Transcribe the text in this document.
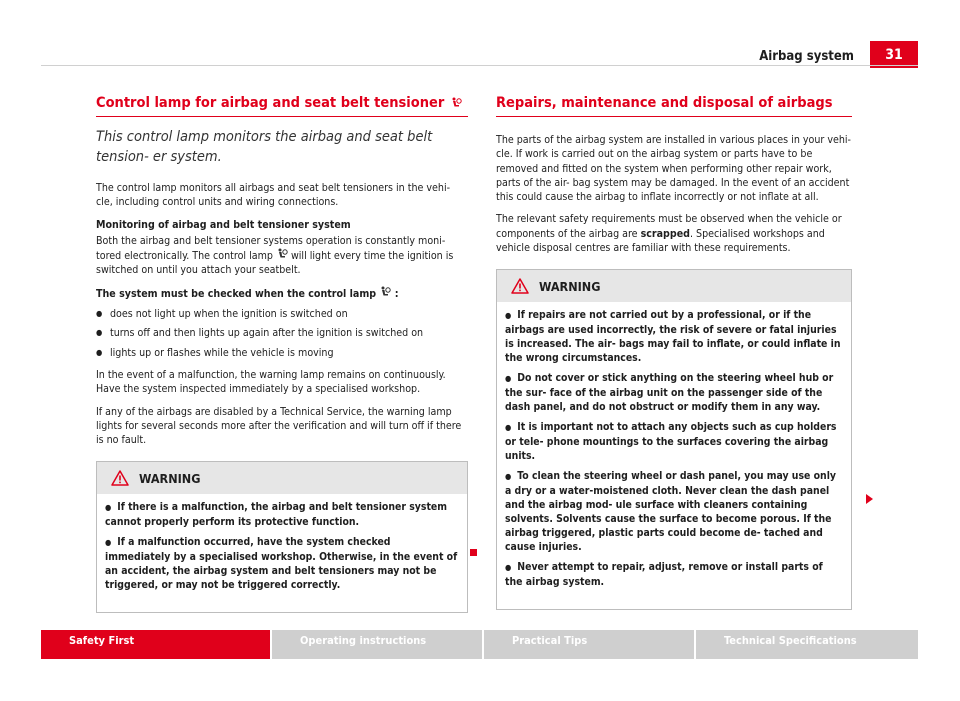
31
Airbag system
Control lamp for airbag and seat belt tensioner
This control lamp monitors the airbag and seat belt tension- er system.

The control lamp monitors all airbags and seat belt tensioners in the vehi- cle, including control units and wiring connections.

Monitoring of airbag and belt tensioner system

Both the airbag and belt tensioner systems operation is constantly moni- tored electronically. The control lamp will light every time the ignition is switched on until you attach your seatbelt.

The system must be checked when the control lamp :
● does not light up when the ignition is switched on
● turns off and then lights up again after the ignition is switched on
● lights up or flashes while the vehicle is moving

In the event of a malfunction, the warning lamp remains on continuously. Have the system inspected immediately by a specialised workshop.

If any of the airbags are disabled by a Technical Service, the warning lamp lights for several seconds more after the verification and will turn off if there is no fault.

WARNING
● If there is a malfunction, the airbag and belt tensioner system cannot properly perform its protective function.
● If a malfunction occurred, have the system checked immediately by a specialised workshop. Otherwise, in the event of an accident, the airbag system and belt tensioners may not be triggered, or may not be triggered correctly.
Repairs, maintenance and disposal of airbags

The parts of the airbag system are installed in various places in your vehi- cle. If work is carried out on the airbag system or parts have to be removed and fitted on the system when performing other repair work, parts of the air- bag system may be damaged. In the event of an accident this could cause the airbag to inflate incorrectly or not inflate at all.

The relevant safety requirements must be observed when the vehicle or components of the airbag are scrapped. Specialised workshops and vehicle disposal centres are familiar with these requirements.

WARNING
● If repairs are not carried out by a professional, or if the airbags are used incorrectly, the risk of severe or fatal injuries is increased. The air- bags may fail to inflate, or could inflate in the wrong circumstances.
● Do not cover or stick anything on the steering wheel hub or the sur- face of the airbag unit on the passenger side of the dash panel, and do not obstruct or modify them in any way.
● It is important not to attach any objects such as cup holders or tele- phone mountings to the surfaces covering the airbag units.
● To clean the steering wheel or dash panel, you may use only a dry or a water-moistened cloth. Never clean the dash panel and the airbag mod- ule surface with cleaners containing solvents. Solvents cause the surface to become porous. If the airbag triggered, plastic parts could become de- tached and cause injuries.
● Never attempt to repair, adjust, remove or install parts of the airbag system.
Safety First	Operating instructions	Practical Tips	Technical Specifications
